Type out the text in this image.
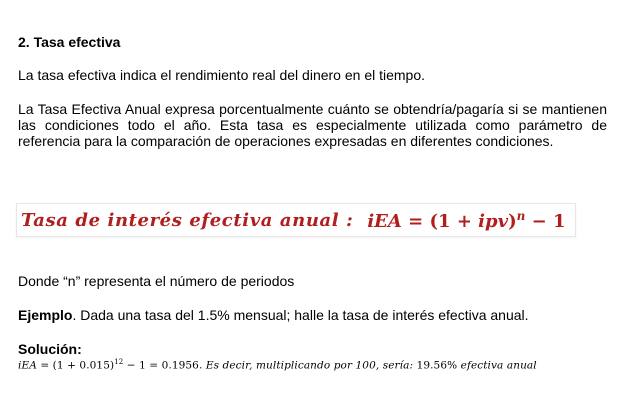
2. Tasa efectiva
La tasa efectiva indica el rendimiento real del dinero en el tiempo.
La Tasa Efectiva Anual expresa porcentualmente cuánto se obtendría/pagaría si se mantienen las condiciones todo el año. Esta tasa es especialmente utilizada como parámetro de referencia para la comparación de operaciones expresadas en diferentes condiciones.
Tasa de interés efectiva anual : iEA = (1 + ipv)$^n$ − 1
Donde “n” representa el número de periodos
Ejemplo. Dada una tasa del 1.5% mensual; halle la tasa de interés efectiva anual.
Solución:
iEA = $(1 + 0.015)^{12} - 1 = 0.1956$. Es decir, multiplicando por 100, sería: 19.56% efectiva anual
